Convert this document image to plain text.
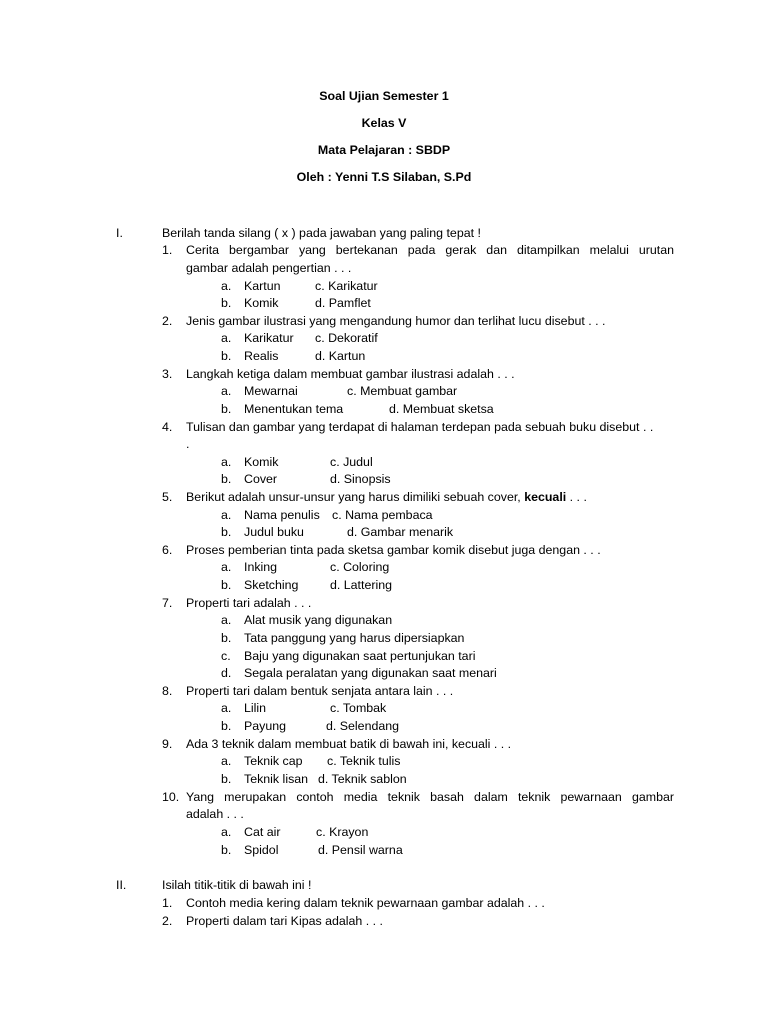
Soal Ujian Semester 1
Kelas V
Mata Pelajaran : SBDP
Oleh : Yenni T.S Silaban, S.Pd
I.	Berilah tanda silang ( x ) pada jawaban yang paling tepat !
1. Cerita bergambar yang bertekanan pada gerak dan ditampilkan melalui urutan
gambar adalah pengertian . . .
a. Kartun	c. Karikatur
b. Komik	d. Pamflet
2. Jenis gambar ilustrasi yang mengandung humor dan terlihat lucu disebut . . .
a. Karikatur c. Dekoratif
b. Realis	d. Kartun
3. Langkah ketiga dalam membuat gambar ilustrasi adalah . . .
a. Mewarnai	c. Membuat gambar
b. Menentukan tema	d. Membuat sketsa
4. Tulisan dan gambar yang terdapat di halaman terdepan pada sebuah buku disebut . .
.
a. Komik	c. Judul
b. Cover	d. Sinopsis
5. Berikut adalah unsur-unsur yang harus dimiliki sebuah cover, kecuali . . .
a. Nama penulis c. Nama pembaca
b. Judul buku	d. Gambar menarik
6. Proses pemberian tinta pada sketsa gambar komik disebut juga dengan . . .
a. Inking	c. Coloring
b. Sketching	d. Lattering
7. Properti tari adalah . . .
a. Alat musik yang digunakan
b. Tata panggung yang harus dipersiapkan
c. Baju yang digunakan saat pertunjukan tari
d. Segala peralatan yang digunakan saat menari
8. Properti tari dalam bentuk senjata antara lain . . .
a. Lilin	c. Tombak
b. Payung	d. Selendang
9. Ada 3 teknik dalam membuat batik di bawah ini, kecuali . . .
a. Teknik cap c. Teknik tulis
b. Teknik lisan d. Teknik sablon
10. Yang merupakan contoh media teknik basah dalam teknik pewarnaan gambar
adalah . . .
a. Cat air	c. Krayon
b. Spidol	d. Pensil warna
II.	Isilah titik-titik di bawah ini !
1. Contoh media kering dalam teknik pewarnaan gambar adalah . . .
2. Properti dalam tari Kipas adalah . . .
